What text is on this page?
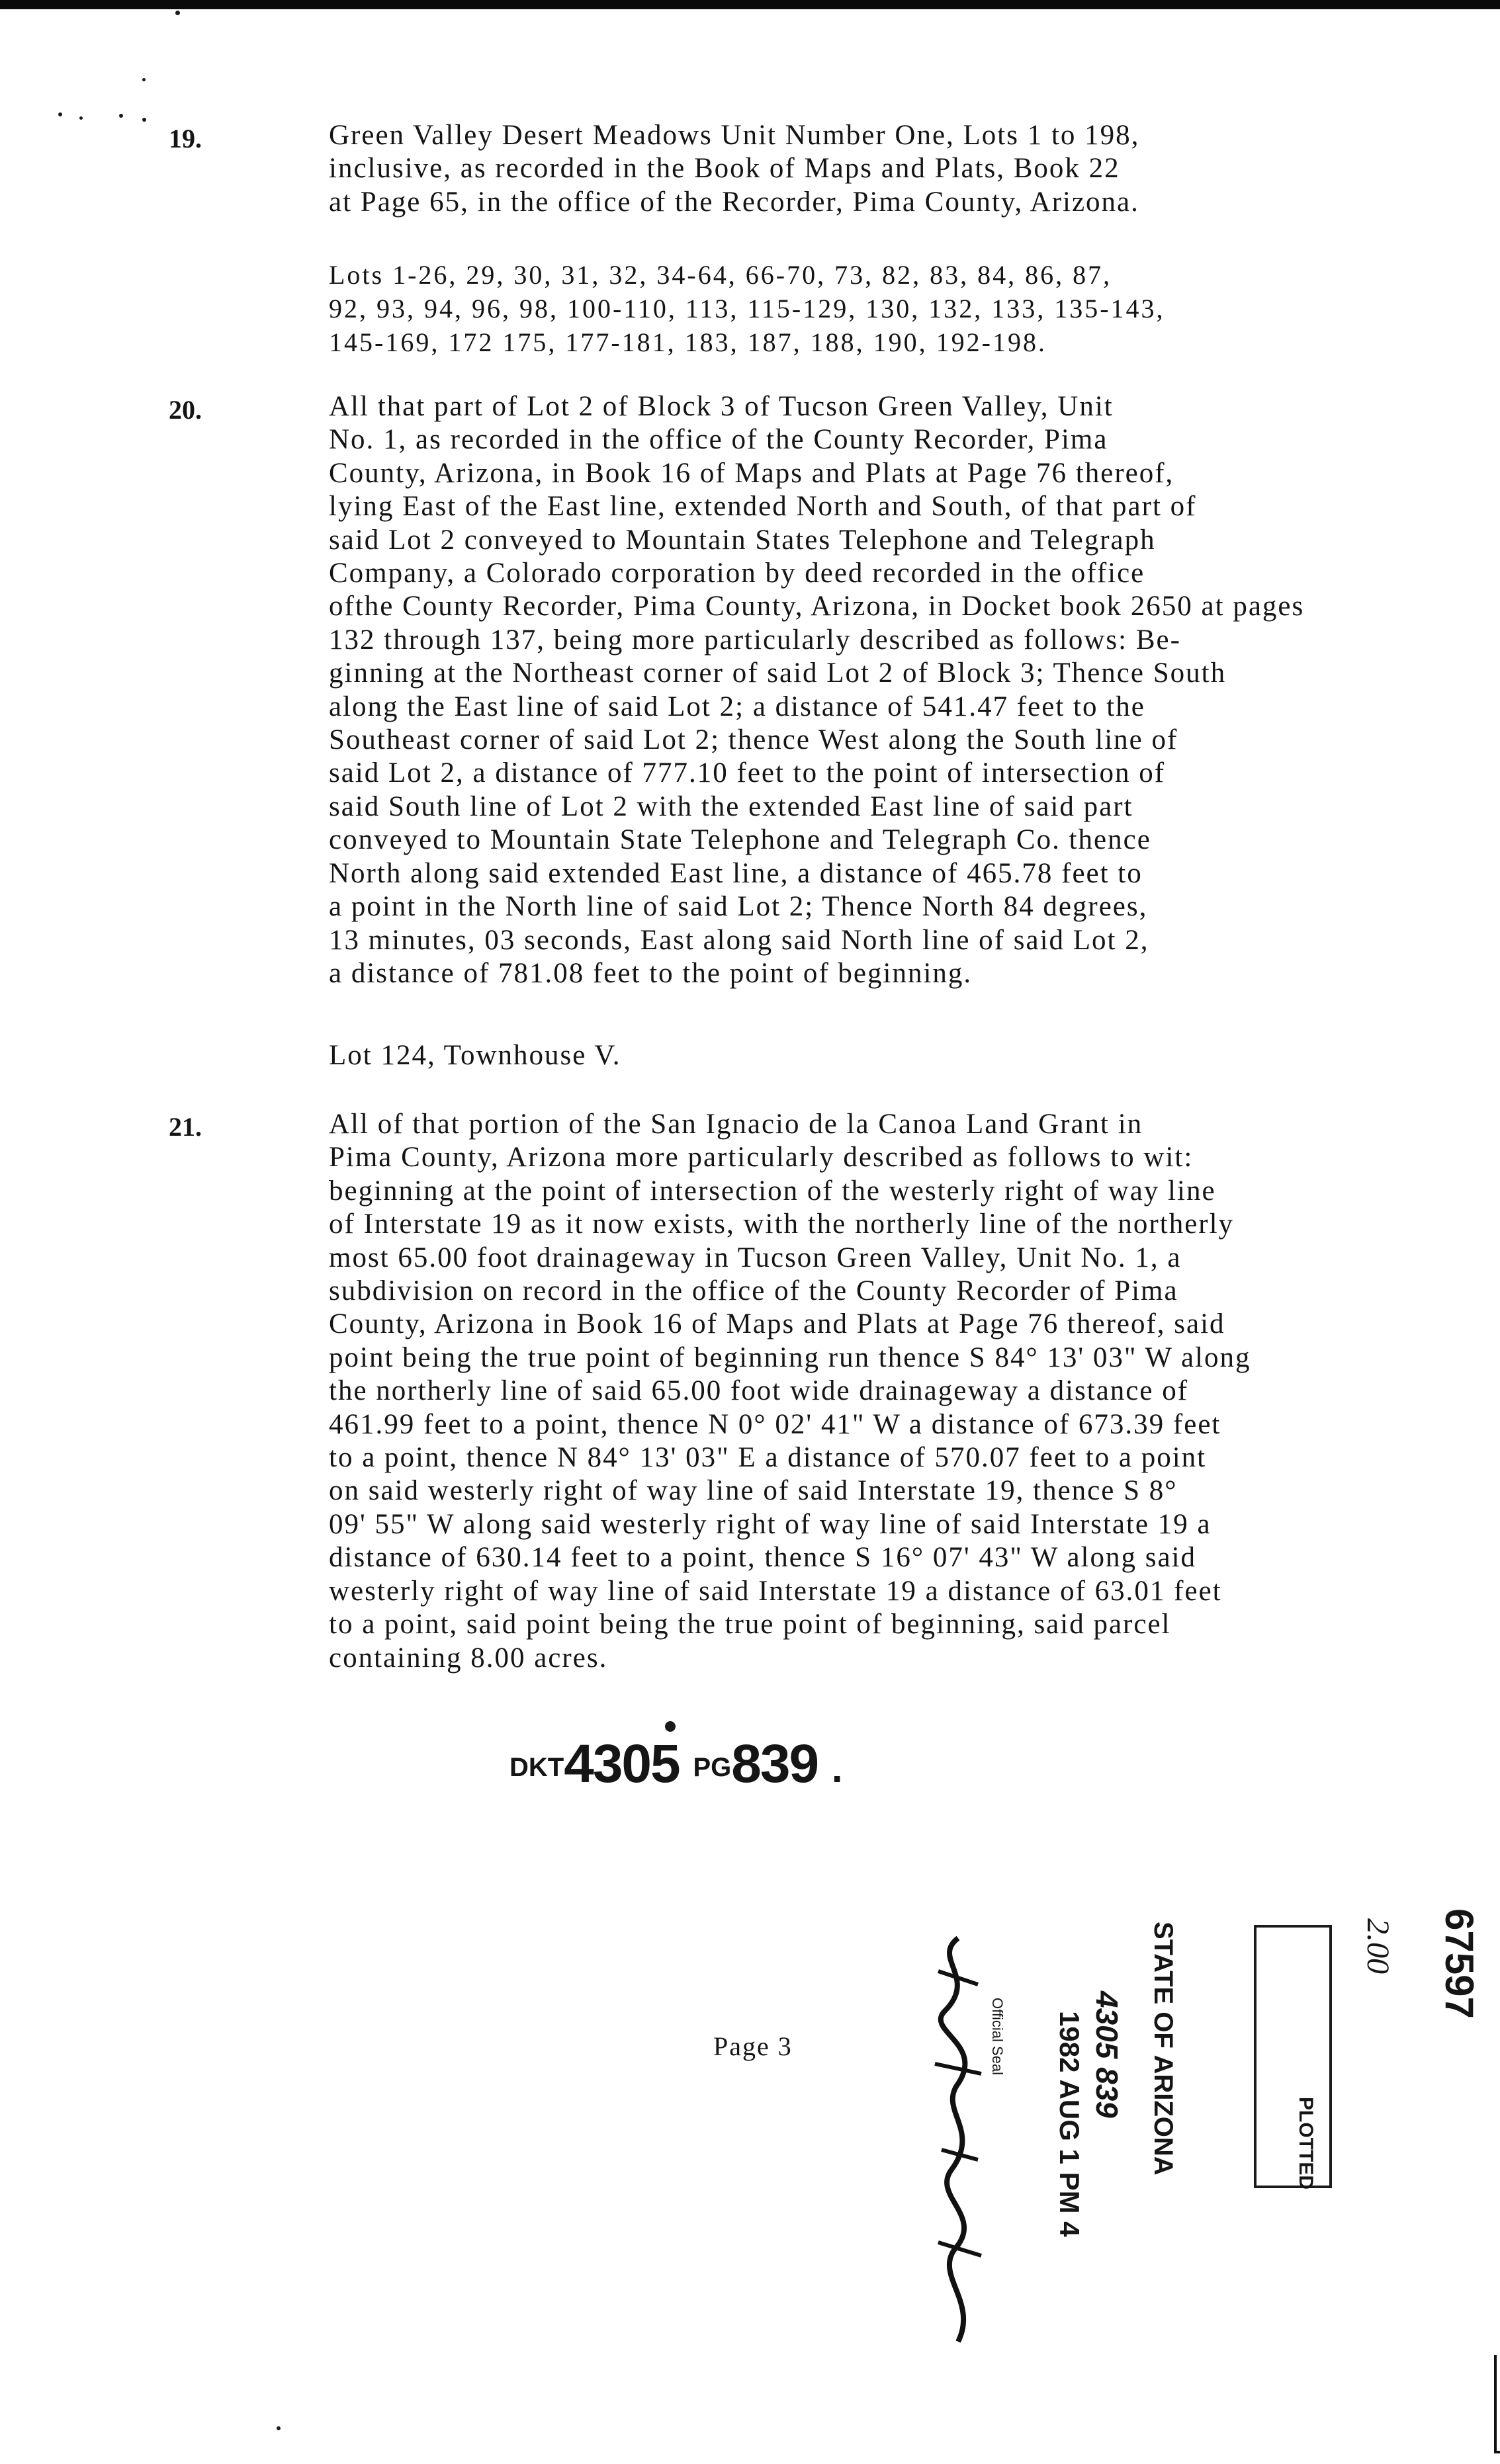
19.	Green Valley Desert Meadows Unit Number One, Lots 1 to 198,
inclusive, as recorded in the Book of Maps and Plats, Book 22
at Page 65, in the office of the Recorder, Pima County, Arizona.
Lots 1-26, 29, 30, 31, 32, 34-64, 66-70, 73, 82, 83, 84, 86, 87,
92, 93, 94, 96, 98, 100-110, 113, 115-129, 130, 132, 133, 135-143,
145-169, 172 175, 177-181, 183, 187, 188, 190, 192-198.
20.	All that part of Lot 2 of Block 3 of Tucson Green Valley, Unit
No. 1, as recorded in the office of the County Recorder, Pima
County, Arizona, in Book 16 of Maps and Plats at Page 76 thereof,
lying East of the East line, extended North and South, of that part of
said Lot 2 conveyed to Mountain States Telephone and Telegraph
Company, a Colorado corporation by deed recorded in the office
ofthe County Recorder, Pima County, Arizona, in Docket book 2650 at pages
132 through 137, being more particularly described as follows: Be-
ginning at the Northeast corner of said Lot 2 of Block 3; Thence South
along the East line of said Lot 2; a distance of 541.47 feet to the
Southeast corner of said Lot 2; thence West along the South line of
said Lot 2, a distance of 777.10 feet to the point of intersection of
said South line of Lot 2 with the extended East line of said part
conveyed to Mountain State Telephone and Telegraph Co. thence
North along said extended East line, a distance of 465.78 feet to
a point in the North line of said Lot 2; Thence North 84 degrees,
13 minutes, 03 seconds, East along said North line of said Lot 2,
a distance of 781.08 feet to the point of beginning.
Lot 124, Townhouse V.
21.	All of that portion of the San Ignacio de la Canoa Land Grant in
Pima County, Arizona more particularly described as follows to wit:
beginning at the point of intersection of the westerly right of way line
of Interstate 19 as it now exists, with the northerly line of the northerly
most 65.00 foot drainageway in Tucson Green Valley, Unit No. 1, a
subdivision on record in the office of the County Recorder of Pima
County, Arizona in Book 16 of Maps and Plats at Page 76 thereof, said
point being the true point of beginning run thence S 84° 13' 03" W along
the northerly line of said 65.00 foot wide drainageway a distance of
461.99 feet to a point, thence N 0° 02' 41" W a distance of 673.39 feet
to a point, thence N 84° 13' 03" E a distance of 570.07 feet to a point
on said westerly right of way line of said Interstate 19, thence S 8°
09' 55" W along said westerly right of way line of said Interstate 19 a
distance of 630.14 feet to a point, thence S 16° 07' 43" W along said
westerly right of way line of said Interstate 19 a distance of 63.01 feet
to a point, said point being the true point of beginning, said parcel
containing 8.00 acres.
Page 3
DKT4305 PG839 .
Official Seal 1982 AUG 1 PM 4 4305 839 STATE OF ARIZONA	PLOTTED
2.00 67597
